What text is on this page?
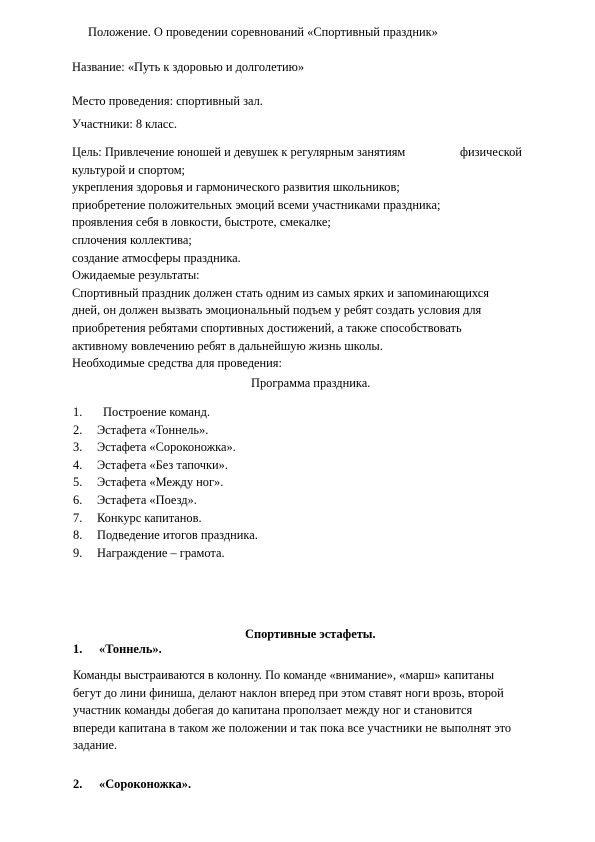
Положение. О проведении соревнований «Спортивный праздник»
Название: «Путь к здоровью и долголетию»
Место проведения: спортивный зал.
Участники: 8 класс.
Цель: Привлечение юношей и девушек к регулярным занятиям	физической
культурой и спортом;
укрепления здоровья и гармонического развития школьников;
приобретение положительных эмоций всеми участниками праздника;
проявления себя в ловкости, быстроте, смекалке;
сплочения коллектива;
создание атмосферы праздника.
Ожидаемые результаты:
Спортивный праздник должен стать одним из самых ярких и запоминающихся
дней, он должен вызвать эмоциональный подъем у ребят создать условия для
приобретения ребятами спортивных достижений, а также способствовать
активному вовлечению ребят в дальнейшую жизнь школы.
Необходимые средства для проведения:
Программа праздника.
1. Построение команд.
2. Эстафета «Тоннель».
3. Эстафета «Сороконожка».
4. Эстафета «Без тапочки».
5. Эстафета «Между ног».
6. Эстафета «Поезд».
7. Конкурс капитанов.
8. Подведение итогов праздника.
9. Награждение – грамота.
Спортивные эстафеты.
1. «Тоннель».
Команды выстраиваются в колонну. По команде «внимание», «марш» капитаны
бегут до лини финиша, делают наклон вперед при этом ставят ноги врозь, второй
участник команды добегая до капитана проползает между ног и становится
впереди капитана в таком же положении и так пока все участники не выполнят это
задание.
2. «Сороконожка».
